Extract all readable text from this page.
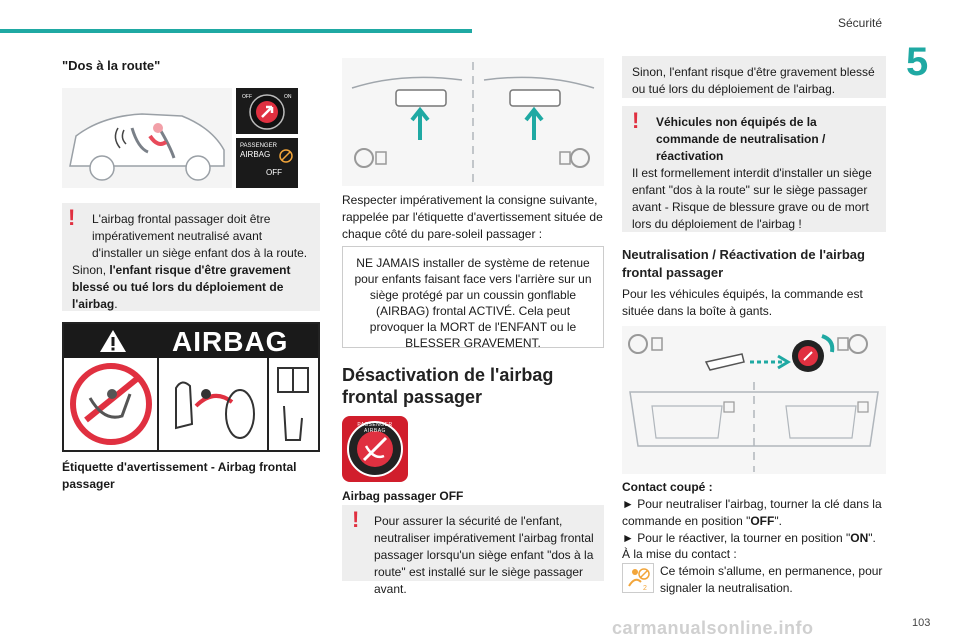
Sécurité
5
"Dos à la route"
OFF	ON
PASSENGER
AIRBAG
OFF
!	L'airbag frontal passager doit être impérativement neutralisé avant d'installer un siège enfant dos à la route.
Sinon, l'enfant risque d'être gravement blessé ou tué lors du déploiement de l'airbag.
AIRBAG
Étiquette d'avertissement - Airbag frontal passager
Respecter impérativement la consigne suivante, rappelée par l'étiquette d'avertissement située de chaque côté du pare-soleil passager :
NE JAMAIS installer de système de retenue pour enfants faisant face vers l'arrière sur un siège protégé par un coussin gonflable (AIRBAG) frontal ACTIVÉ. Cela peut provoquer la MORT de l'ENFANT ou le BLESSER GRAVEMENT.
Désactivation de l'airbag frontal passager
PASSENGER AIRBAG
Airbag passager OFF
!	Pour assurer la sécurité de l'enfant, neutraliser impérativement l'airbag frontal passager lorsqu'un siège enfant "dos à la route" est installé sur le siège passager avant.
Sinon, l'enfant risque d'être gravement blessé ou tué lors du déploiement de l'airbag.
!	Véhicules non équipés de la commande de neutralisation / réactivation
Il est formellement interdit d'installer un siège enfant "dos à la route" sur le siège passager avant - Risque de blessure grave ou de mort lors du déploiement de l'airbag !
Neutralisation / Réactivation de l'airbag frontal passager
Pour les véhicules équipés, la commande est située dans la boîte à gants.
Contact coupé :
► Pour neutraliser l'airbag, tourner la clé dans la commande en position "OFF".
► Pour le réactiver, la tourner en position "ON".
À la mise du contact :
2
Ce témoin s'allume, en permanence, pour signaler la neutralisation.
carmanualsonline.info	103
